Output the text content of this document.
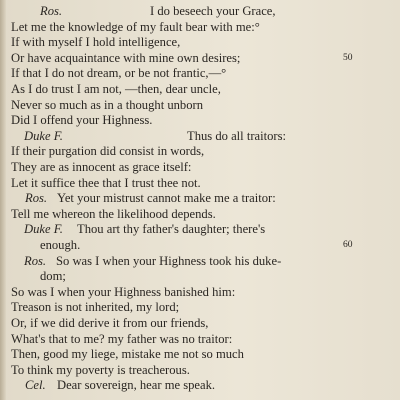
Ros.	I do beseech your Grace,
Let me the knowledge of my fault bear with me:°
If with myself I hold intelligence,
Or have acquaintance with mine own desires;	50
If that I do not dream, or be not frantic,—°
As I do trust I am not, —then, dear uncle,
Never so much as in a thought unborn
Did I offend your Highness.
Duke F.	Thus do all traitors:
If their purgation did consist in words,
They are as innocent as grace itself:
Let it suffice thee that I trust thee not.
Ros. Yet your mistrust cannot make me a traitor:
Tell me whereon the likelihood depends.
Duke F. Thou art thy father's daughter; there's
enough.	60
Ros. So was I when your Highness took his duke-
dom;
So was I when your Highness banished him:
Treason is not inherited, my lord;
Or, if we did derive it from our friends,
What's that to me? my father was no traitor:
Then, good my liege, mistake me not so much
To think my poverty is treacherous.
Cel. Dear sovereign, hear me speak.
